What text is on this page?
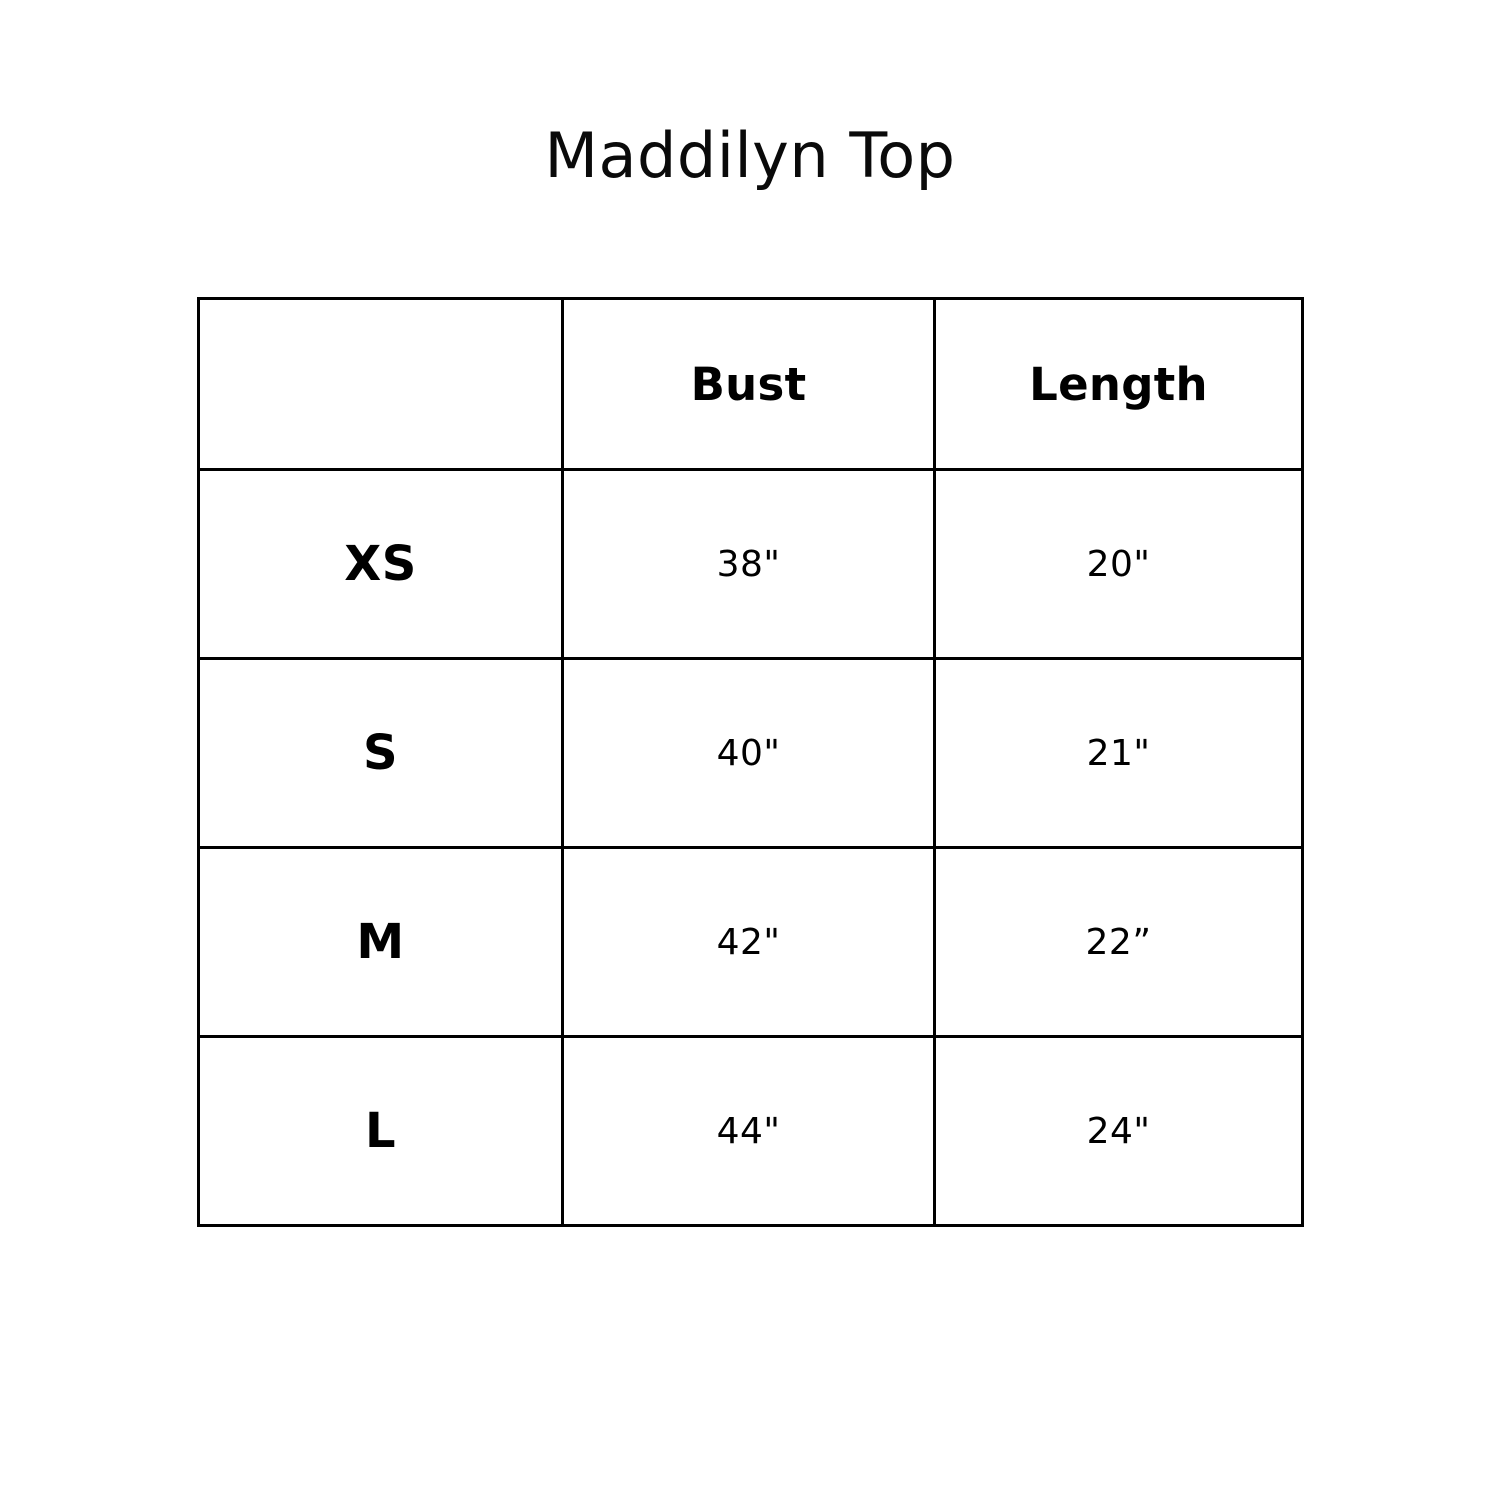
Maddilyn Top
	Bust	Length
XS	38"	20"
S	40"	21"
M	42"	22”
L	44"	24"
